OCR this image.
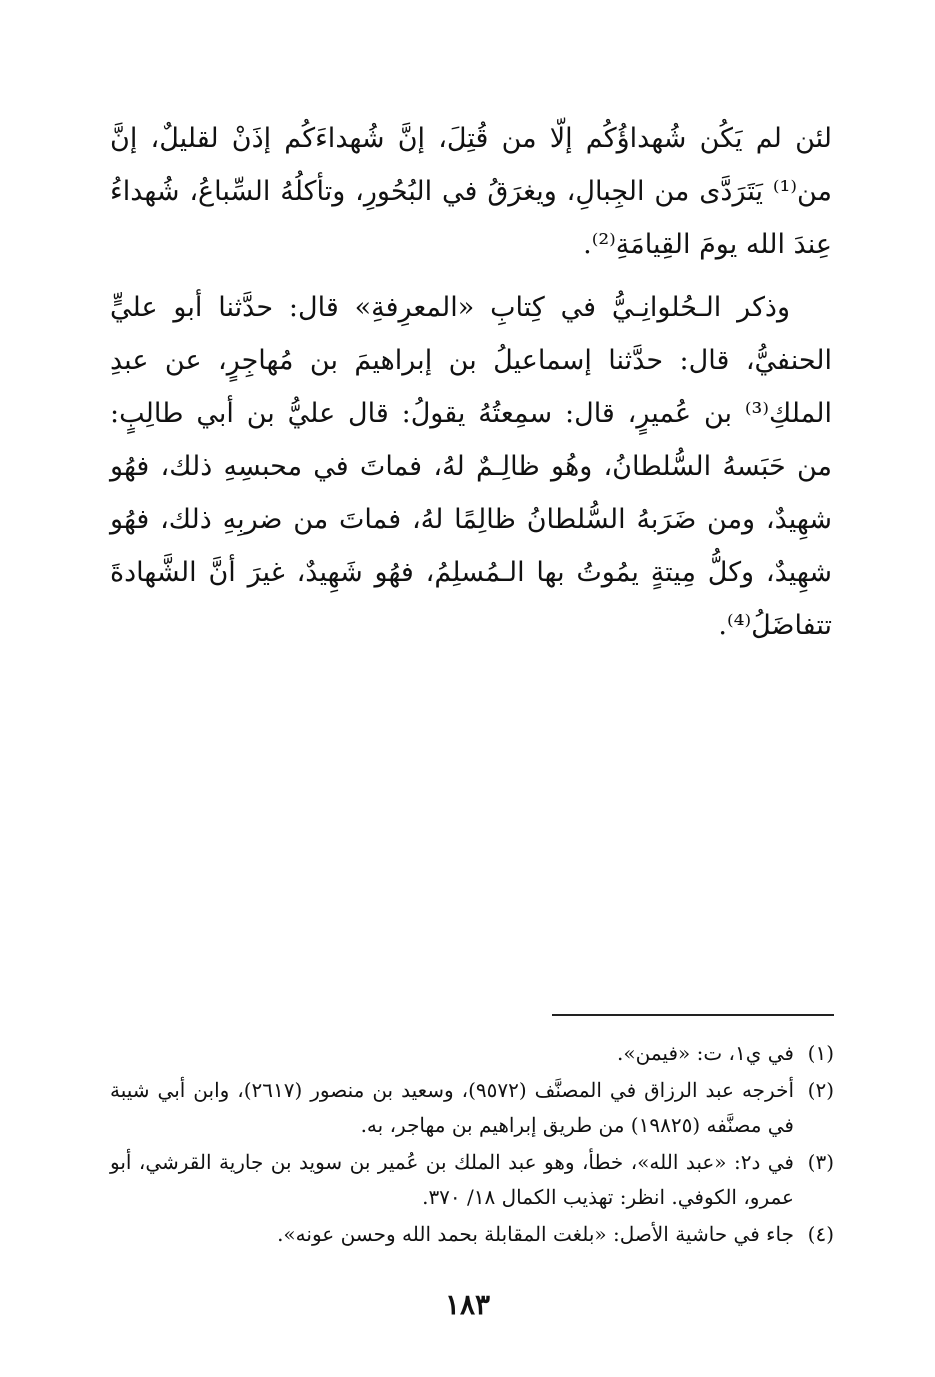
لئن لم يَكُن شُهداؤُكُم إلّا من قُتِلَ، إنَّ شُهداءَكُم إذَنْ لقليلٌ، إنَّ من⁽¹⁾ يَتَرَدَّى من الجِبالِ، ويغرَقُ في البُحُورِ، وتأكلُهُ السِّباعُ، شُهداءُ عِندَ الله يومَ القِيامَةِ⁽²⁾.

وذكر الـحُلوانِـيُّ في كِتابِ «المعرِفةِ» قال: حدَّثنا أبو عليٍّ الحنفيُّ، قال: حدَّثنا إسماعيلُ بن إبراهيمَ بن مُهاجِرٍ، عن عبدِ الملكِ⁽³⁾ بن عُميرٍ، قال: سمِعتُهُ يقولُ: قال عليُّ بن أبي طالِبٍ: من حَبَسهُ السُّلطانُ، وهُو ظالِـمٌ لهُ، فماتَ في محبسِهِ ذلك، فهُو شهِيدٌ، ومن ضَرَبهُ السُّلطانُ ظالِمًا لهُ، فماتَ من ضربِهِ ذلك، فهُو شهِيدٌ، وكلُّ مِيتةٍ يمُوتُ بها الـمُسلِمُ، فهُو شَهِيدٌ، غيرَ أنَّ الشَّهادةَ تتفاضَلُ⁽⁴⁾.

(١)
في ي١، ت: «فيمن».

(٢)
أخرجه عبد الرزاق في المصنَّف (٩٥٧٢)، وسعيد بن منصور (٢٦١٧)، وابن أبي شيبة في مصنَّفه (١٩٨٢٥) من طريق إبراهيم بن مهاجر، به.

(٣)
في د٢: «عبد الله»، خطأ، وهو عبد الملك بن عُمير بن سويد بن جارية القرشي، أبو عمرو، الكوفي. انظر: تهذيب الكمال ١٨/ ٣٧٠.

(٤)
جاء في حاشية الأصل: «بلغت المقابلة بحمد الله وحسن عونه».

١٨٣
